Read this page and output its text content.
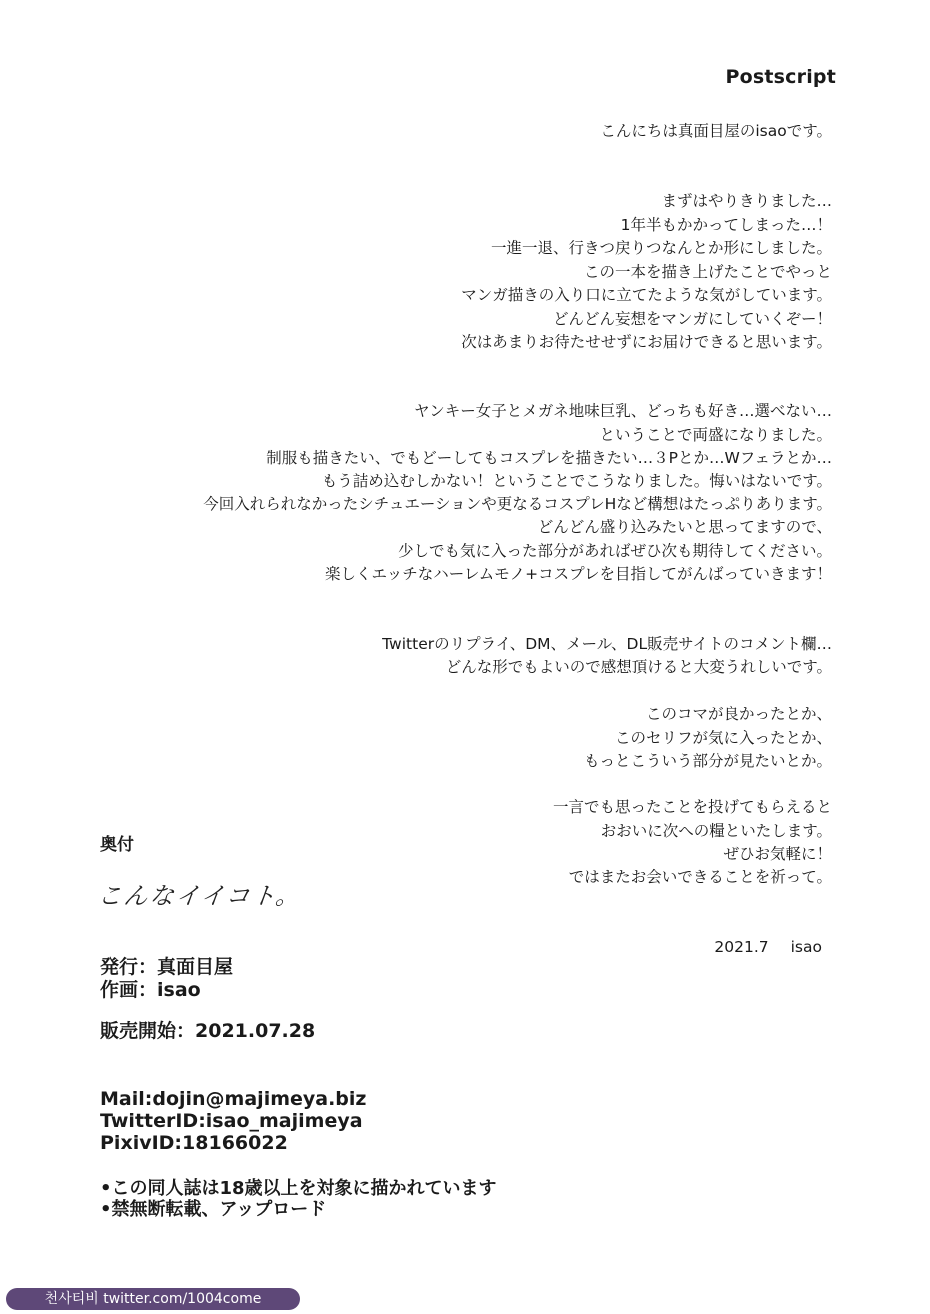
Postscript
こんにちは真面目屋のisaoです。
まずはやりきりました…
1年半もかかってしまった…！
一進一退、行きつ戻りつなんとか形にしました。
この一本を描き上げたことでやっと
マンガ描きの入り口に立てたような気がしています。
どんどん妄想をマンガにしていくぞー！
次はあまりお待たせせずにお届けできると思います。
ヤンキー女子とメガネ地味巨乳、どっちも好き…選べない…
ということで両盛になりました。
制服も描きたい、でもどーしてもコスプレを描きたい…３Pとか…Wフェラとか…
もう詰め込むしかない！ということでこうなりました。悔いはないです。
今回入れられなかったシチュエーションや更なるコスプレHなど構想はたっぷりあります。
どんどん盛り込みたいと思ってますので、
少しでも気に入った部分があればぜひ次も期待してください。
楽しくエッチなハーレムモノ+コスプレを目指してがんばっていきます！
Twitterのリプライ、DM、メール、DL販売サイトのコメント欄…
どんな形でもよいので感想頂けると大変うれしいです。
このコマが良かったとか、
このセリフが気に入ったとか、
もっとこういう部分が見たいとか。
一言でも思ったことを投げてもらえると
おおいに次への糧といたします。
ぜひお気軽に！
ではまたお会いできることを祈って。
2021.7 isao
奥付
こんなイイコト。
発行：真面目屋
作画：isao
販売開始：2021.07.28
Mail:dojin@majimeya.biz
TwitterID:isao_majimeya
PixivID:18166022
•この同人誌は18歳以上を対象に描かれています
•禁無断転載、アップロード
천사티비 twitter.com/1004come
